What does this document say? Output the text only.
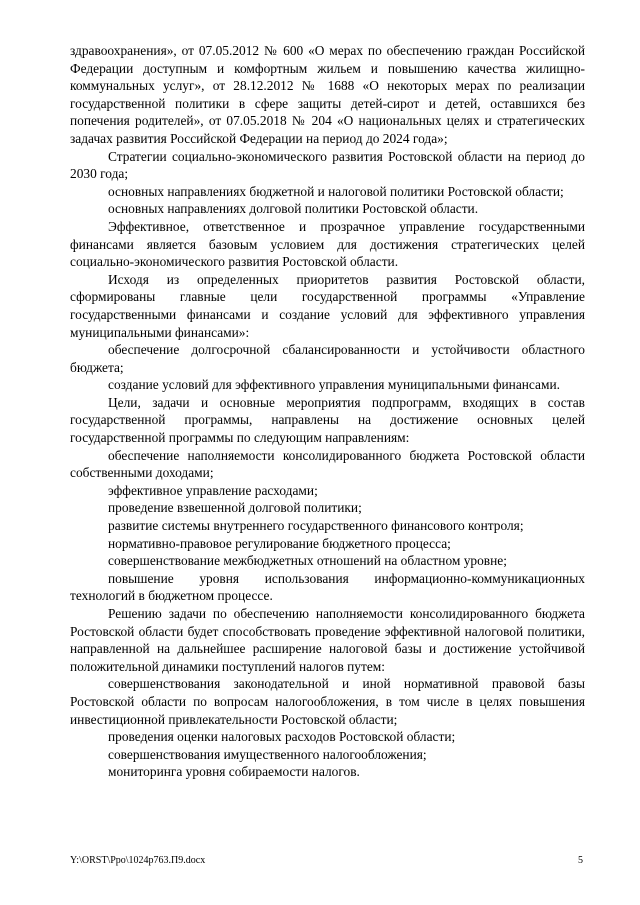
здравоохранения», от 07.05.2012 № 600 «О мерах по обеспечению граждан Российской Федерации доступным и комфортным жильем и повышению качества жилищно-коммунальных услуг», от 28.12.2012 № 1688 «О некоторых мерах по реализации государственной политики в сфере защиты детей-сирот и детей, оставшихся без попечения родителей», от 07.05.2018 № 204 «О национальных целях и стратегических задачах развития Российской Федерации на период до 2024 года»;

Стратегии социально-экономического развития Ростовской области на период до 2030 года;

основных направлениях бюджетной и налоговой политики Ростовской области;

основных направлениях долговой политики Ростовской области.

Эффективное, ответственное и прозрачное управление государственными финансами является базовым условием для достижения стратегических целей социально-экономического развития Ростовской области.

Исходя из определенных приоритетов развития Ростовской области, сформированы главные цели государственной программы «Управление государственными финансами и создание условий для эффективного управления муниципальными финансами»:

обеспечение долгосрочной сбалансированности и устойчивости областного бюджета;

создание условий для эффективного управления муниципальными финансами.

Цели, задачи и основные мероприятия подпрограмм, входящих в состав государственной программы, направлены на достижение основных целей государственной программы по следующим направлениям:

обеспечение наполняемости консолидированного бюджета Ростовской области собственными доходами;

эффективное управление расходами;

проведение взвешенной долговой политики;

развитие системы внутреннего государственного финансового контроля;

нормативно-правовое регулирование бюджетного процесса;

совершенствование межбюджетных отношений на областном уровне;

повышение уровня использования информационно-коммуникационных технологий в бюджетном процессе.

Решению задачи по обеспечению наполняемости консолидированного бюджета Ростовской области будет способствовать проведение эффективной налоговой политики, направленной на дальнейшее расширение налоговой базы и достижение устойчивой положительной динамики поступлений налогов путем:

совершенствования законодательной и иной нормативной правовой базы Ростовской области по вопросам налогообложения, в том числе в целях повышения инвестиционной привлекательности Ростовской области;

проведения оценки налоговых расходов Ростовской области;

совершенствования имущественного налогообложения;

мониторинга уровня собираемости налогов.

Y:\ORST\Ppo\1024p763.П9.docx	5
